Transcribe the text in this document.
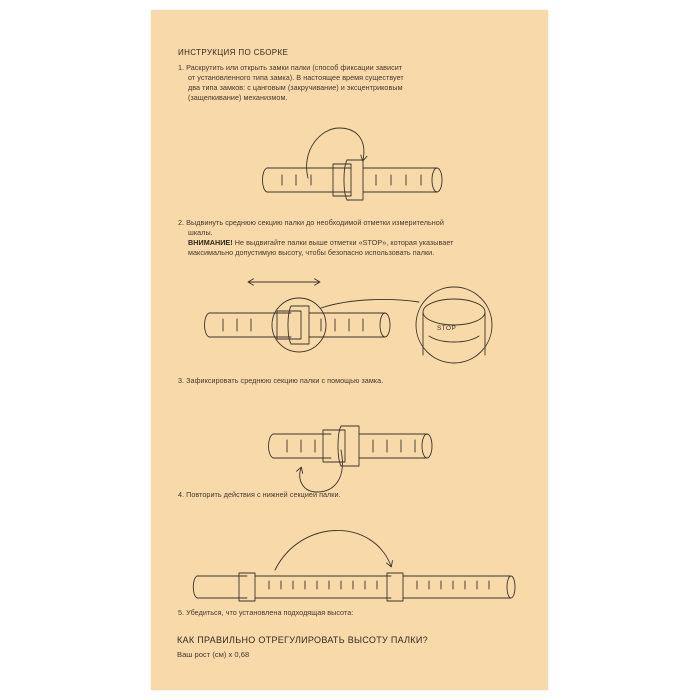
ИНСТРУКЦИЯ ПО СБОРКЕ
1. Раскрутить или открыть замки палки (способ фиксации зависит
от установленного типа замка). В настоящее время существует
два типа замков: с цанговым (закручивание) и эксцентриковым
(защелкивание) механизмом.
2. Выдвинуть среднюю секцию палки до необходимой отметки измерительной
шкалы.
ВНИМАНИЕ! Не выдвигайте палки выше отметки «STOP», которая указывает
максимально допустимую высоту, чтобы безопасно использовать палки.
3. Зафиксировать среднюю секцию палки с помощью замка.
4. Повторить действия с нижней секцией палки.
5. Убедиться, что установлена подходящая высота:
КАК ПРАВИЛЬНО ОТРЕГУЛИРОВАТЬ ВЫСОТУ ПАЛКИ?
Ваш рост (см) x 0,68
STOP
